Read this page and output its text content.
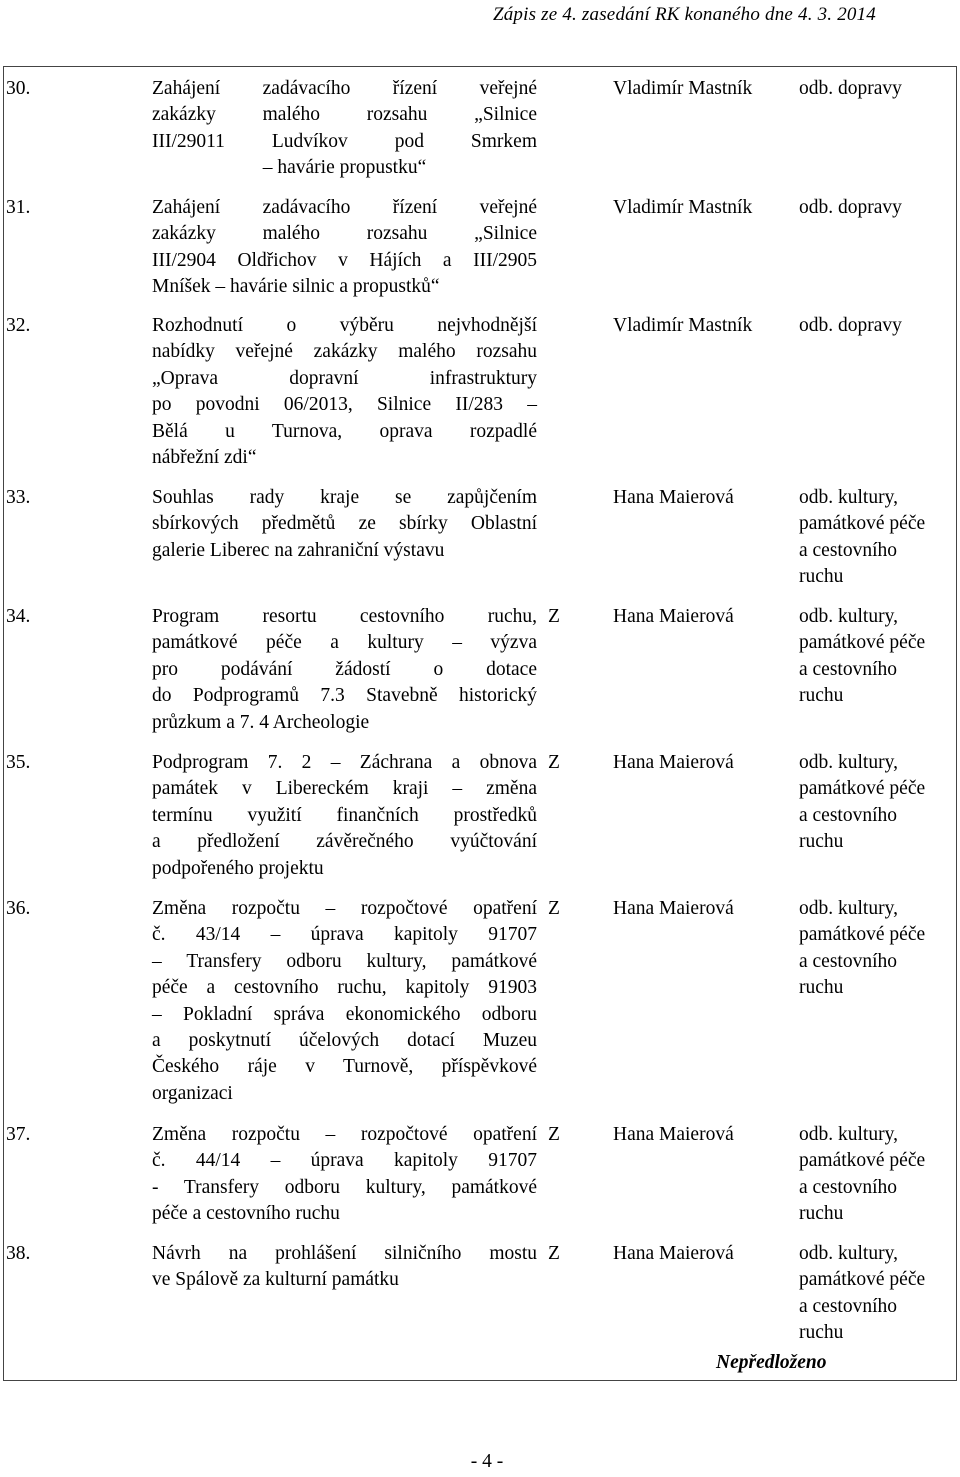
Zápis ze 4. zasedání RK konaného dne 4. 3. 2014
30.	Zahájení zadávacího řízení veřejné
zakázky malého rozsahu „Silnice
III/29011 Ludvíkov pod Smrkem
– havárie propustku“
Vladimír Mastník odb. dopravy
31.	Zahájení zadávacího řízení veřejné
zakázky malého rozsahu „Silnice
III/2904 Oldřichov v Hájích a III/2905
Mníšek – havárie silnic a propustků“
Vladimír Mastník odb. dopravy
32.	Rozhodnutí o výběru nejvhodnější
nabídky veřejné zakázky malého rozsahu
„Oprava dopravní infrastruktury
po povodni 06/2013, Silnice II/283 –
Bělá u Turnova, oprava rozpadlé
nábřežní zdi“
Vladimír Mastník odb. dopravy
33.	Souhlas rady kraje se zapůjčením
sbírkových předmětů ze sbírky Oblastní
galerie Liberec na zahraniční výstavu
Hana Maierová	odb. kultury,
památkové péče
a cestovního
ruchu
34.	Program resortu cestovního ruchu,
památkové péče a kultury – výzva
pro podávání žádostí o dotace
do Podprogramů 7.3 Stavebně historický
průzkum a 7. 4 Archeologie
Z	Hana Maierová	odb. kultury,
památkové péče
a cestovního
ruchu
35.	Podprogram 7. 2 – Záchrana a obnova
památek v Libereckém kraji – změna
termínu využití finančních prostředků
a předložení závěrečného vyúčtování
podpořeného projektu
Z	Hana Maierová	odb. kultury,
památkové péče
a cestovního
ruchu
36.	Změna rozpočtu – rozpočtové opatření
č. 43/14 – úprava kapitoly 91707
– Transfery odboru kultury, památkové
péče a cestovního ruchu, kapitoly 91903
– Pokladní správa ekonomického odboru
a poskytnutí účelových dotací Muzeu
Českého ráje v Turnově, příspěvkové
organizaci
Z	Hana Maierová	odb. kultury,
památkové péče
a cestovního
ruchu
37.	Změna rozpočtu – rozpočtové opatření
č. 44/14 – úprava kapitoly 91707
- Transfery odboru kultury, památkové
péče a cestovního ruchu
Z	Hana Maierová	odb. kultury,
památkové péče
a cestovního
ruchu
38.	Návrh na prohlášení silničního mostu
ve Spálově za kulturní památku
Z	Hana Maierová	odb. kultury,
památkové péče
a cestovního
ruchu
Nepředloženo
- 4 -
